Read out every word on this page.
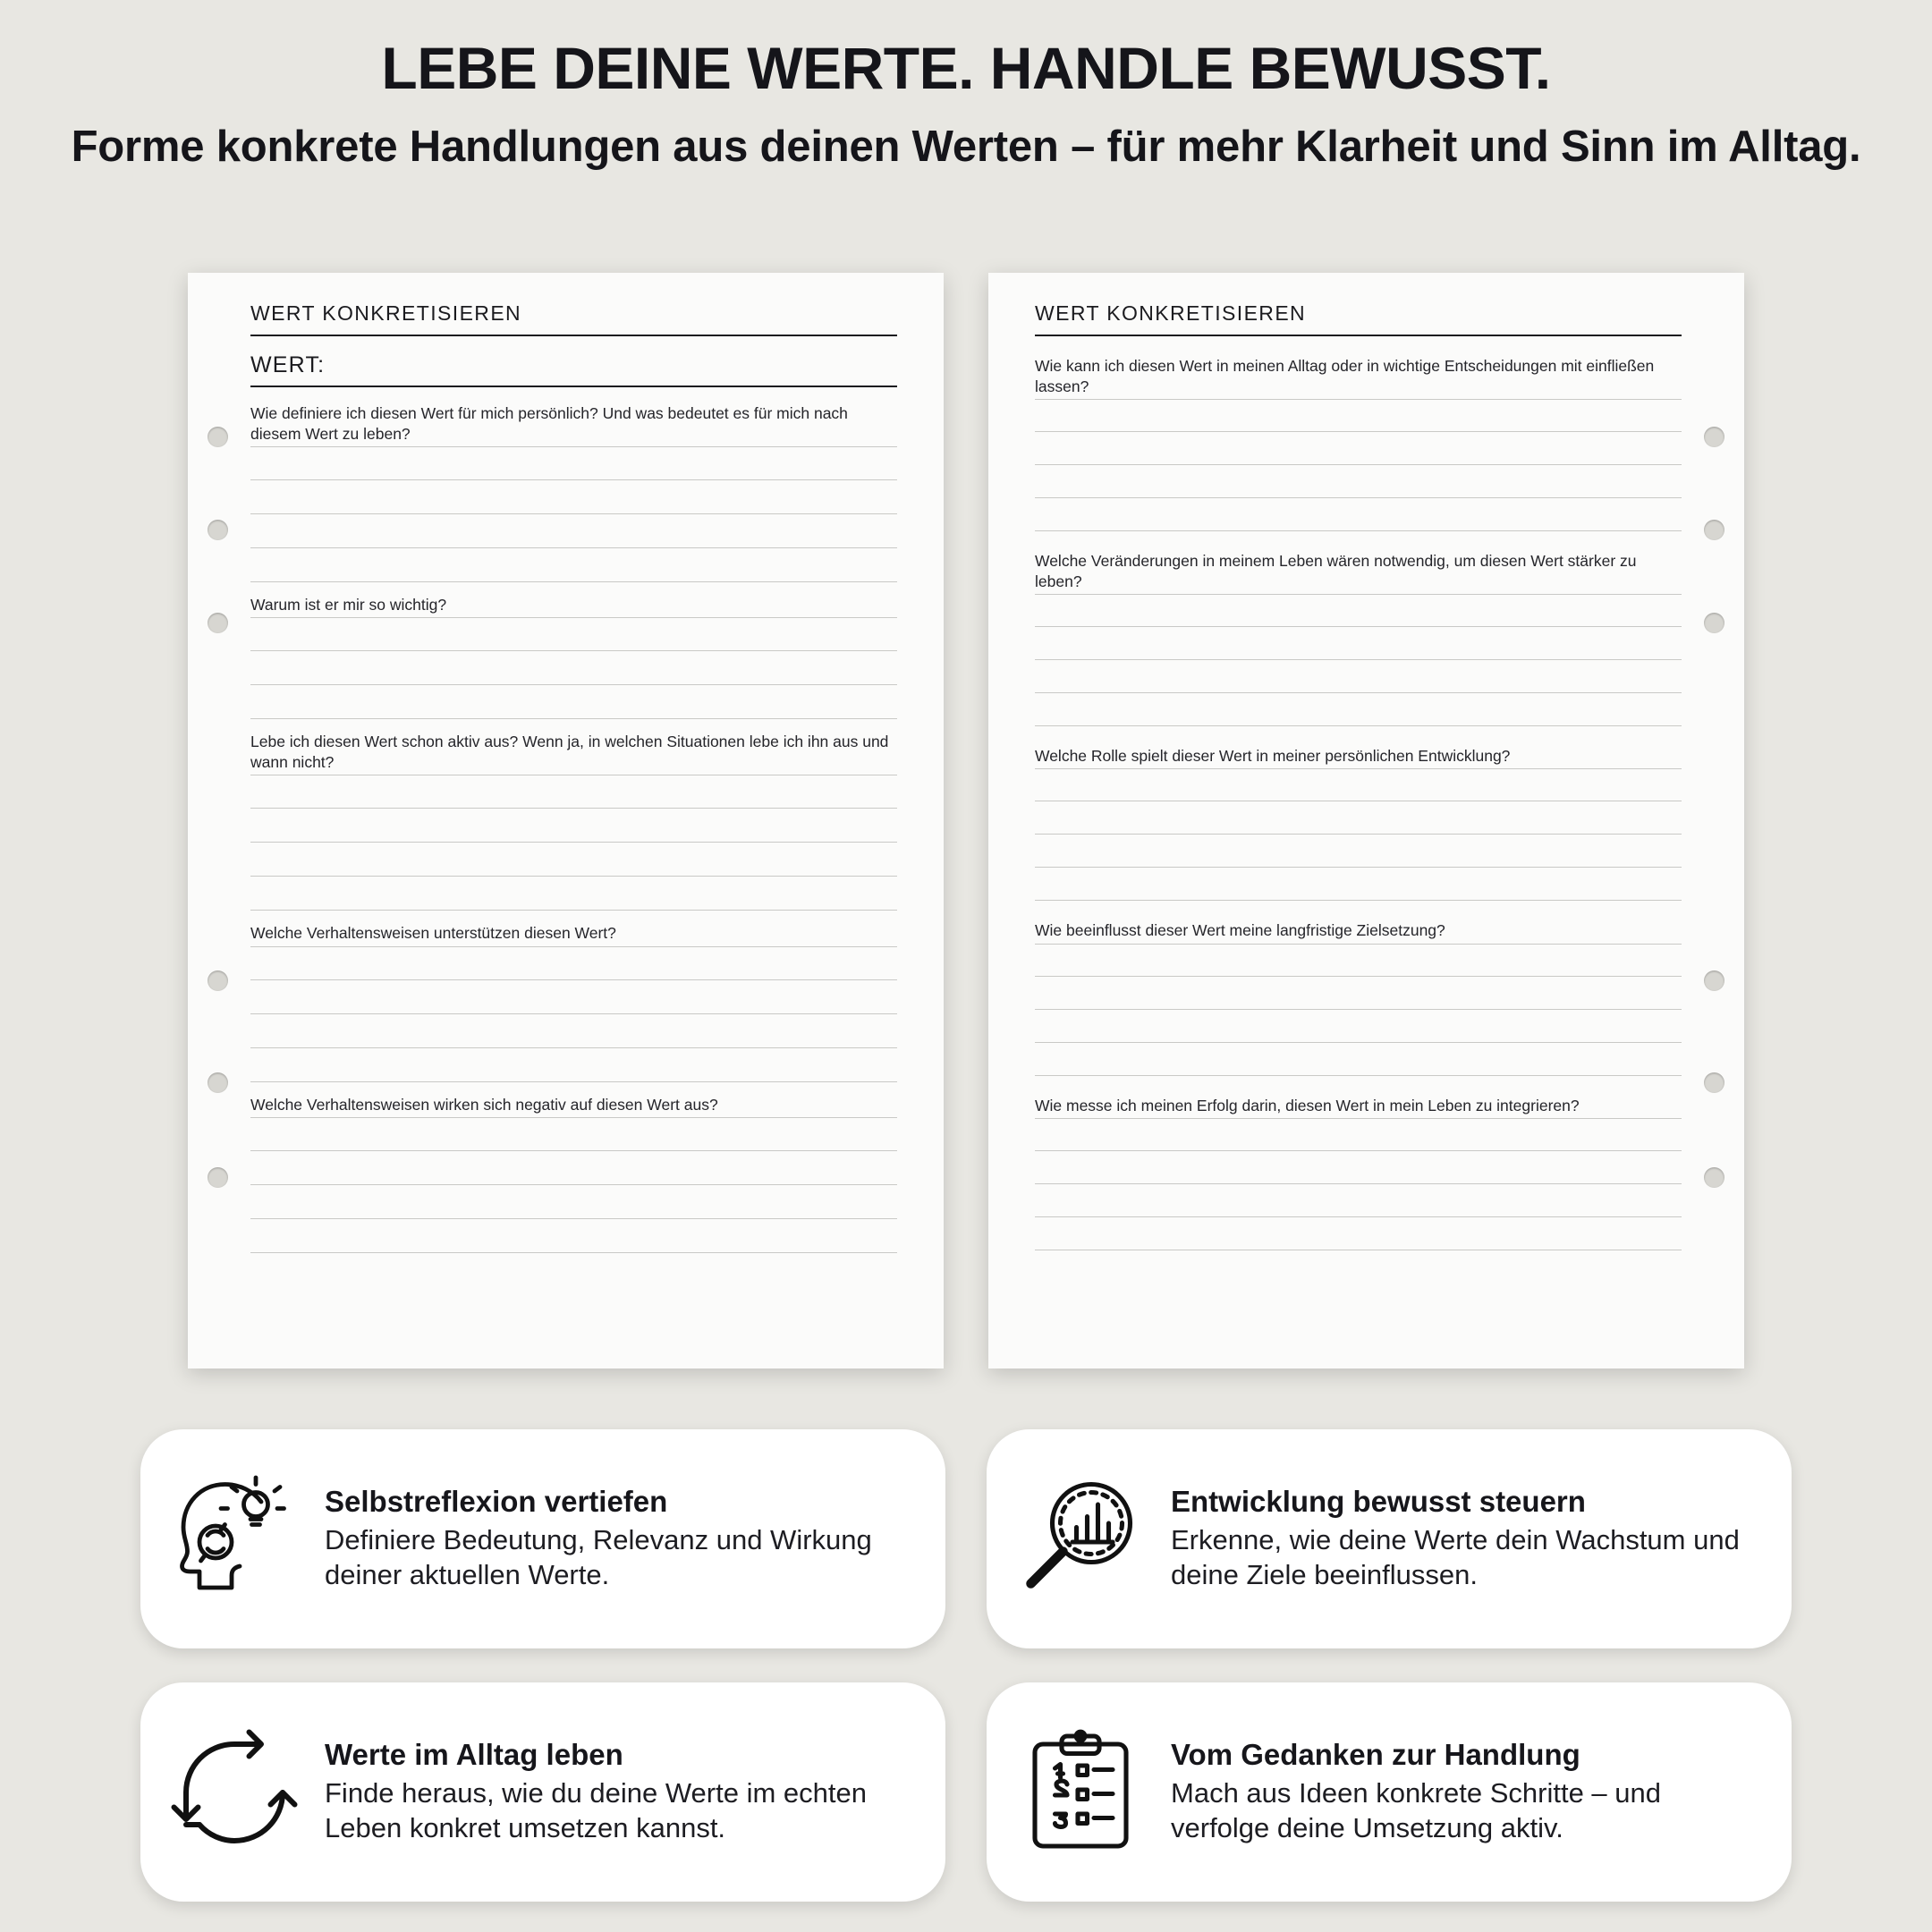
LEBE DEINE WERTE. HANDLE BEWUSST.
Forme konkrete Handlungen aus deinen Werten – für mehr Klarheit und Sinn im Alltag.
WERT KONKRETISIEREN
WERT:
Wie definiere ich diesen Wert für mich persönlich? Und was bedeutet es für mich nach diesem Wert zu leben?
Warum ist er mir so wichtig?
Lebe ich diesen Wert schon aktiv aus? Wenn ja, in welchen Situationen lebe ich ihn aus und wann nicht?
Welche Verhaltensweisen unterstützen diesen Wert?
Welche Verhaltensweisen wirken sich negativ auf diesen Wert aus?
WERT KONKRETISIEREN
Wie kann ich diesen Wert in meinen Alltag oder in wichtige Entscheidungen mit einfließen lassen?
Welche Veränderungen in meinem Leben wären notwendig, um diesen Wert stärker zu leben?
Welche Rolle spielt dieser Wert in meiner persönlichen Entwicklung?
Wie beeinflusst dieser Wert meine langfristige Zielsetzung?
Wie messe ich meinen Erfolg darin, diesen Wert in mein Leben zu integrieren?
Selbstreflexion vertiefen
Definiere Bedeutung, Relevanz und Wirkung deiner aktuellen Werte.
Entwicklung bewusst steuern
Erkenne, wie deine Werte dein Wachstum und deine Ziele beeinflussen.
Werte im Alltag leben
Finde heraus, wie du deine Werte im echten Leben konkret umsetzen kannst.
Vom Gedanken zur Handlung
Mach aus Ideen konkrete Schritte – und verfolge deine Umsetzung aktiv.
